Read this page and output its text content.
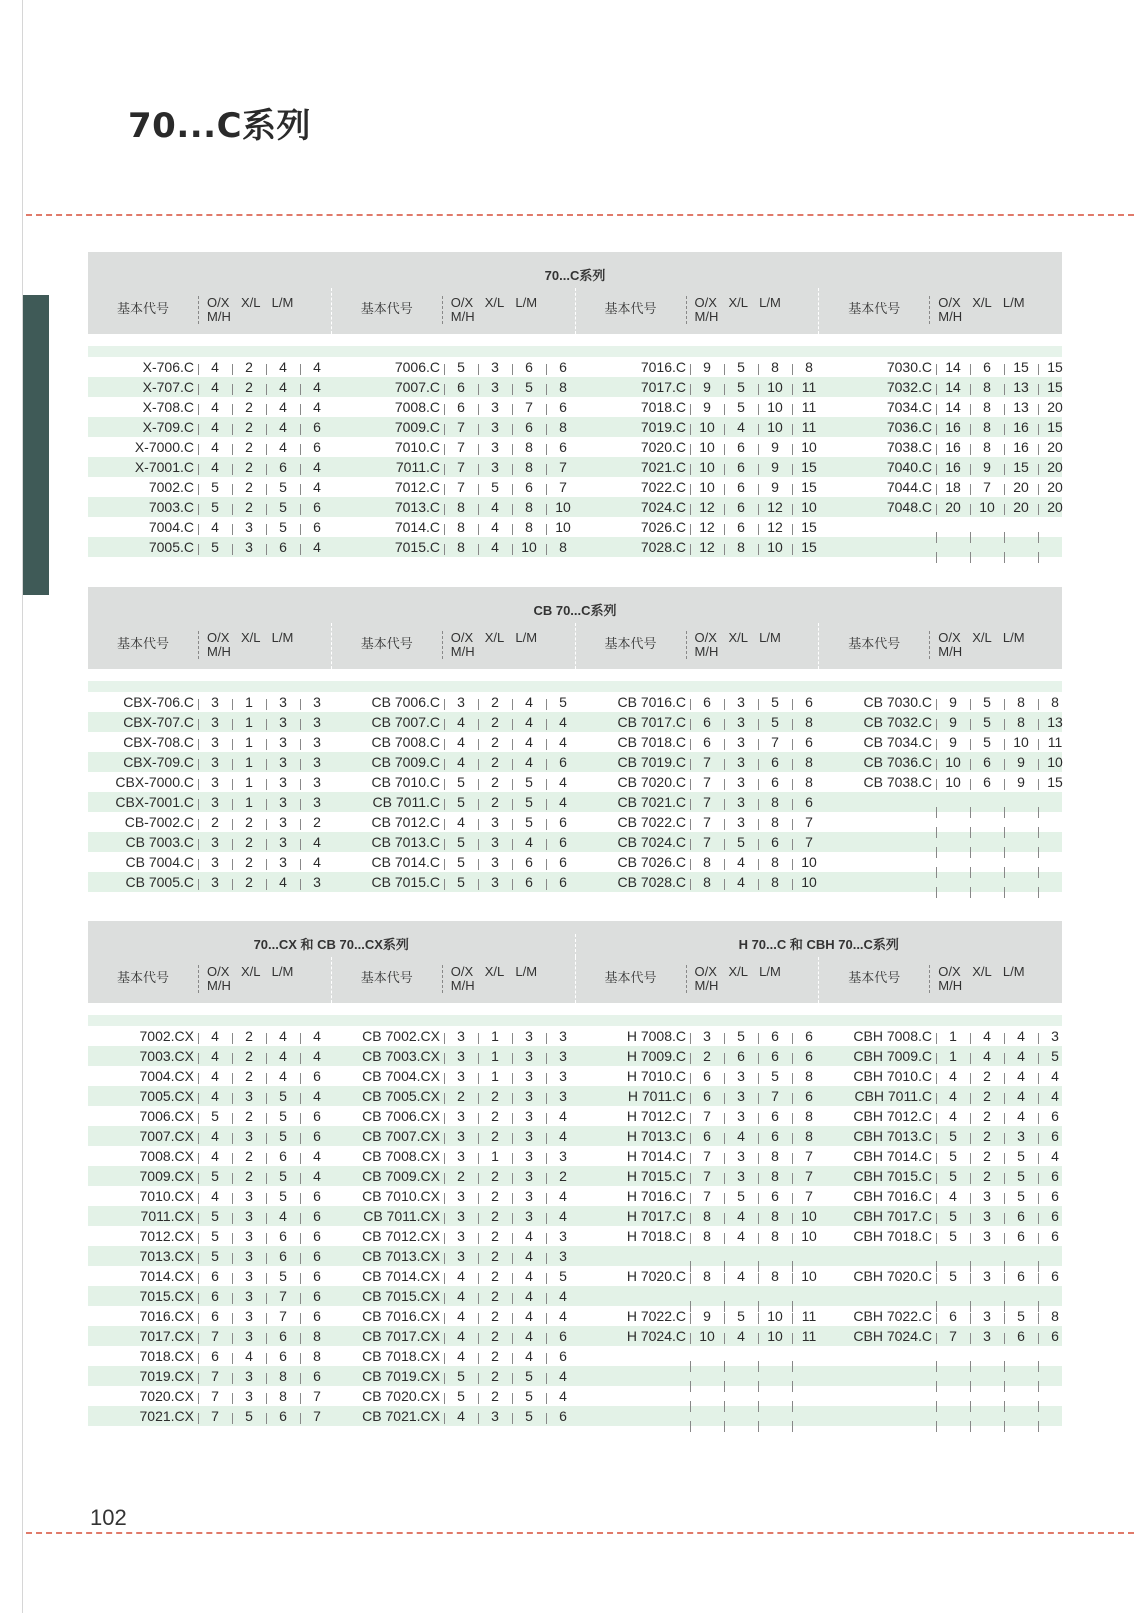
70...C系列
70...C系列
基本代号	O/X X/L L/M
M/H
基本代号	O/X X/L L/M
M/H
基本代号	O/X X/L L/M
M/H
基本代号	O/X X/L L/M
M/H
X-706.C	4	2	4	4	7006.C	5	3	6	6	7016.C	9	5	8	8	7030.C 14	6	15	15
X-707.C	4	2	4	4	7007.C	6	3	5	8	7017.C	9	5	10	11	7032.C 14	8	13	15
X-708.C	4	2	4	4	7008.C	6	3	7	6	7018.C	9	5	10	11	7034.C 14	8	13	20
X-709.C	4	2	4	6	7009.C	7	3	6	8	7019.C 10	4	10	11	7036.C 16	8	16	15
X-7000.C	4	2	4	6	7010.C	7	3	8	6	7020.C 10	6	9	10	7038.C 16	8	16	20
X-7001.C	4	2	6	4	7011.C	7	3	8	7	7021.C 10	6	9	15	7040.C 16	9	15	20
7002.C	5	2	5	4	7012.C	7	5	6	7	7022.C 10	6	9	15	7044.C 18	7	20	20
7003.C	5	2	5	6	7013.C	8	4	8	10	7024.C 12	6	12	10	7048.C 20	10	20	20
7004.C	4	3	5	6	7014.C	8	4	8	10	7026.C 12	6	12	15
7005.C	5	3	6	4	7015.C	8	4	10	8	7028.C 12	8	10	15
CB 70...C系列
基本代号	O/X X/L L/M
M/H
基本代号	O/X X/L L/M
M/H
基本代号	O/X X/L L/M
M/H
基本代号	O/X X/L L/M
M/H
CBX-706.C	3	1	3	3	CB 7006.C	3	2	4	5	CB 7016.C	6	3	5	6	CB 7030.C	9	5	8	8
CBX-707.C	3	1	3	3	CB 7007.C	4	2	4	4	CB 7017.C	6	3	5	8	CB 7032.C	9	5	8	13
CBX-708.C	3	1	3	3	CB 7008.C	4	2	4	4	CB 7018.C	6	3	7	6	CB 7034.C	9	5	10	11
CBX-709.C	3	1	3	3	CB 7009.C	4	2	4	6	CB 7019.C	7	3	6	8	CB 7036.C 10	6	9	10
CBX-7000.C	3	1	3	3	CB 7010.C	5	2	5	4	CB 7020.C	7	3	6	8	CB 7038.C 10	6	9	15
CBX-7001.C	3	1	3	3	CB 7011.C	5	2	5	4	CB 7021.C	7	3	8	6
CB-7002.C	2	2	3	2	CB 7012.C	4	3	5	6	CB 7022.C	7	3	8	7
CB 7003.C	3	2	3	4	CB 7013.C	5	3	4	6	CB 7024.C	7	5	6	7
CB 7004.C	3	2	3	4	CB 7014.C	5	3	6	6	CB 7026.C	8	4	8	10
CB 7005.C	3	2	4	3	CB 7015.C	5	3	6	6	CB 7028.C	8	4	8	10
70...CX 和 CB 70...CX系列	H 70...C 和 CBH 70...C系列
基本代号	O/X X/L L/M
M/H
基本代号	O/X X/L L/M
M/H
基本代号	O/X X/L L/M
M/H
基本代号	O/X X/L L/M
M/H
7002.CX	4	2	4	4	CB 7002.CX	3	1	3	3	H 7008.C	3	5	6	6	CBH 7008.C	1	4	4	3
7003.CX	4	2	4	4	CB 7003.CX	3	1	3	3	H 7009.C	2	6	6	6	CBH 7009.C	1	4	4	5
7004.CX	4	2	4	6	CB 7004.CX	3	1	3	3	H 7010.C	6	3	5	8	CBH 7010.C	4	2	4	4
7005.CX	4	3	5	4	CB 7005.CX	2	2	3	3	H 7011.C	6	3	7	6	CBH 7011.C	4	2	4	4
7006.CX	5	2	5	6	CB 7006.CX	3	2	3	4	H 7012.C	7	3	6	8	CBH 7012.C	4	2	4	6
7007.CX	4	3	5	6	CB 7007.CX	3	2	3	4	H 7013.C	6	4	6	8	CBH 7013.C	5	2	3	6
7008.CX	4	2	6	4	CB 7008.CX	3	1	3	3	H 7014.C	7	3	8	7	CBH 7014.C	5	2	5	4
7009.CX	5	2	5	4	CB 7009.CX	2	2	3	2	H 7015.C	7	3	8	7	CBH 7015.C	5	2	5	6
7010.CX	4	3	5	6	CB 7010.CX	3	2	3	4	H 7016.C	7	5	6	7	CBH 7016.C	4	3	5	6
7011.CX	5	3	4	6	CB 7011.CX	3	2	3	4	H 7017.C	8	4	8	10	CBH 7017.C	5	3	6	6
7012.CX	5	3	6	6	CB 7012.CX	3	2	4	3	H 7018.C	8	4	8	10	CBH 7018.C	5	3	6	6
7013.CX	5	3	6	6	CB 7013.CX	3	2	4	3
7014.CX	6	3	5	6	CB 7014.CX	4	2	4	5	H 7020.C	8	4	8	10	CBH 7020.C	5	3	6	6
7015.CX	6	3	7	6	CB 7015.CX	4	2	4	4
7016.CX	6	3	7	6	CB 7016.CX	4	2	4	4	H 7022.C	9	5	10	11	CBH 7022.C	6	3	5	8
7017.CX	7	3	6	8	CB 7017.CX	4	2	4	6	H 7024.C 10	4	10	11	CBH 7024.C	7	3	6	6
7018.CX	6	4	6	8	CB 7018.CX	4	2	4	6
7019.CX	7	3	8	6	CB 7019.CX	5	2	5	4
7020.CX	7	3	8	7	CB 7020.CX	5	2	5	4
7021.CX	7	5	6	7	CB 7021.CX	4	3	5	6
102
